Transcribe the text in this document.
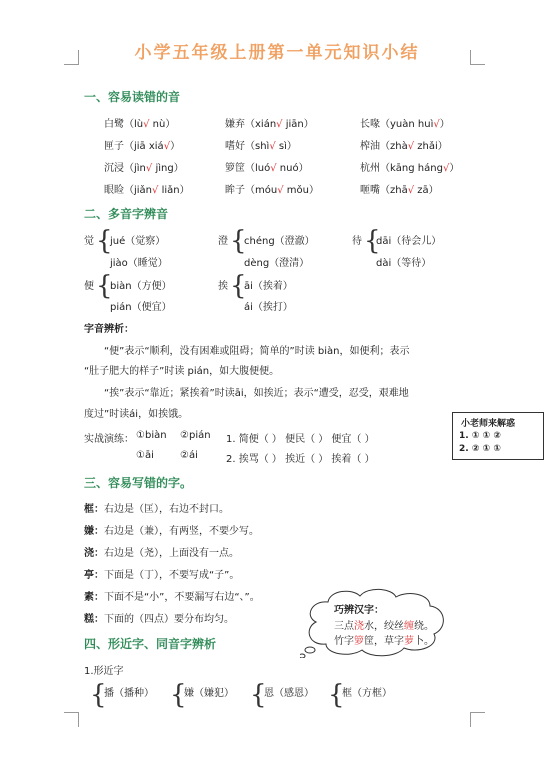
小学五年级上册第一单元知识小结
一、容易读错的音
白鹭（lù√ nù）
匣子（jiā xiá√）
沉浸（jìn√ jìng）
眼睑（jiǎn√ liǎn）
嫌弃（xián√ jiān）
嗜好（shì√ sì）
箩筐（luó√ nuó）
眸子（móu√ mǒu）
长喙（yuàn huì√）
榨油（zhà√ zhǎi）
杭州（kāng háng√）
咂嘴（zhā√ zā）
二、多音字辨音
觉 {
jué（觉察）
jiào（睡觉）
澄 {
chéng（澄澈）
dèng（澄清）
待 {
dāi（待会儿）
dài（等待）
便 {
biàn（方便）
pián（便宜）
挨 {
āi（挨着）
ái（挨打）
字音辨析：
“便”表示“顺利，没有困难或阻碍；简单的”时读 biàn，如便利；表示
“肚子肥大的样子”时读 pián，如大腹便便。
“挨”表示“靠近；紧挨着”时读āi，如挨近；表示“遭受，忍受，艰难地
度过”时读ái，如挨饿。
实战演练： ①biàn ②pián 1. 简便（ ） 便民（ ） 便宜（ ）
①āi	②ái	2. 挨骂（ ） 挨近（ ） 挨着（ ）
小老师来解惑
1. ① ① ②
2. ② ① ①
三、容易写错的字。
框：右边是（匡），右边不封口。
嫌：右边是（兼），有两竖，不要少写。
浇：右边是（尧），上面没有一点。
亭：下面是（丁），不要写成“子”。
素：下面不是“小”，不要漏写右边“、”。
糕：下面的（四点）要分布均匀。
巧辨汉字：
三点浇水，绞丝缠绕。
竹字箩筐，草字萝卜。
四、形近字、同音字辨析
1.形近字
{
播（播种） {
嫌（嫌犯） {
恩（感恩） {
框（方框）
